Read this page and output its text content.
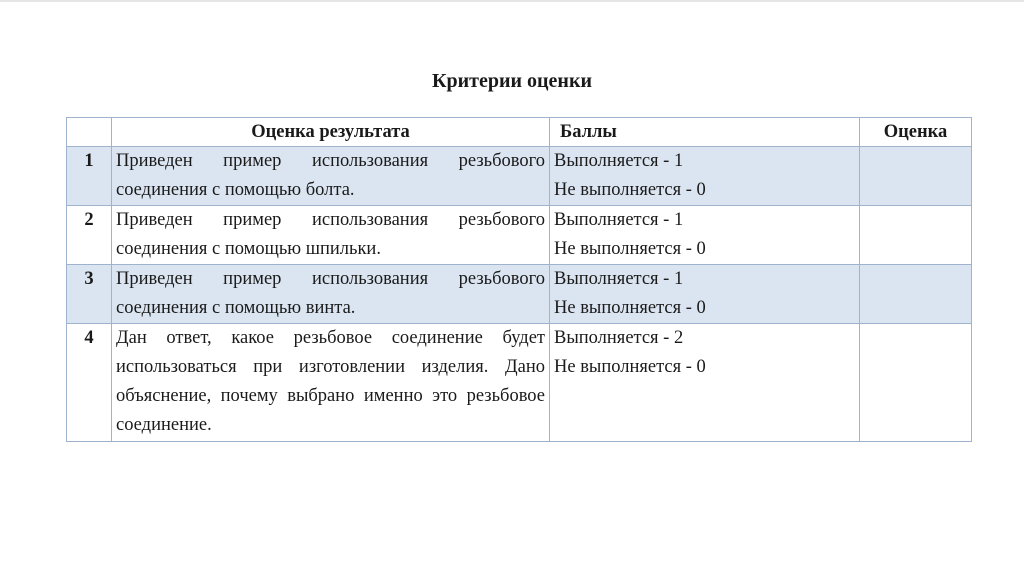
Критерии оценки
	Оценка результата	Баллы	Оценка
1	Приведен пример использования резьбового соединения с помощью болта.	Выполняется - 1
Не выполняется - 0	

2	Приведен пример использования резьбового соединения с помощью шпильки.	Выполняется - 1
Не выполняется - 0	

3	Приведен пример использования резьбового соединения с помощью винта.	Выполняется - 1
Не выполняется - 0	

4	Дан ответ, какое резьбовое соединение будет использоваться при изготовлении изделия. Дано объяснение, почему выбрано именно это резьбовое соединение.	Выполняется - 2
Не выполняется - 0	
